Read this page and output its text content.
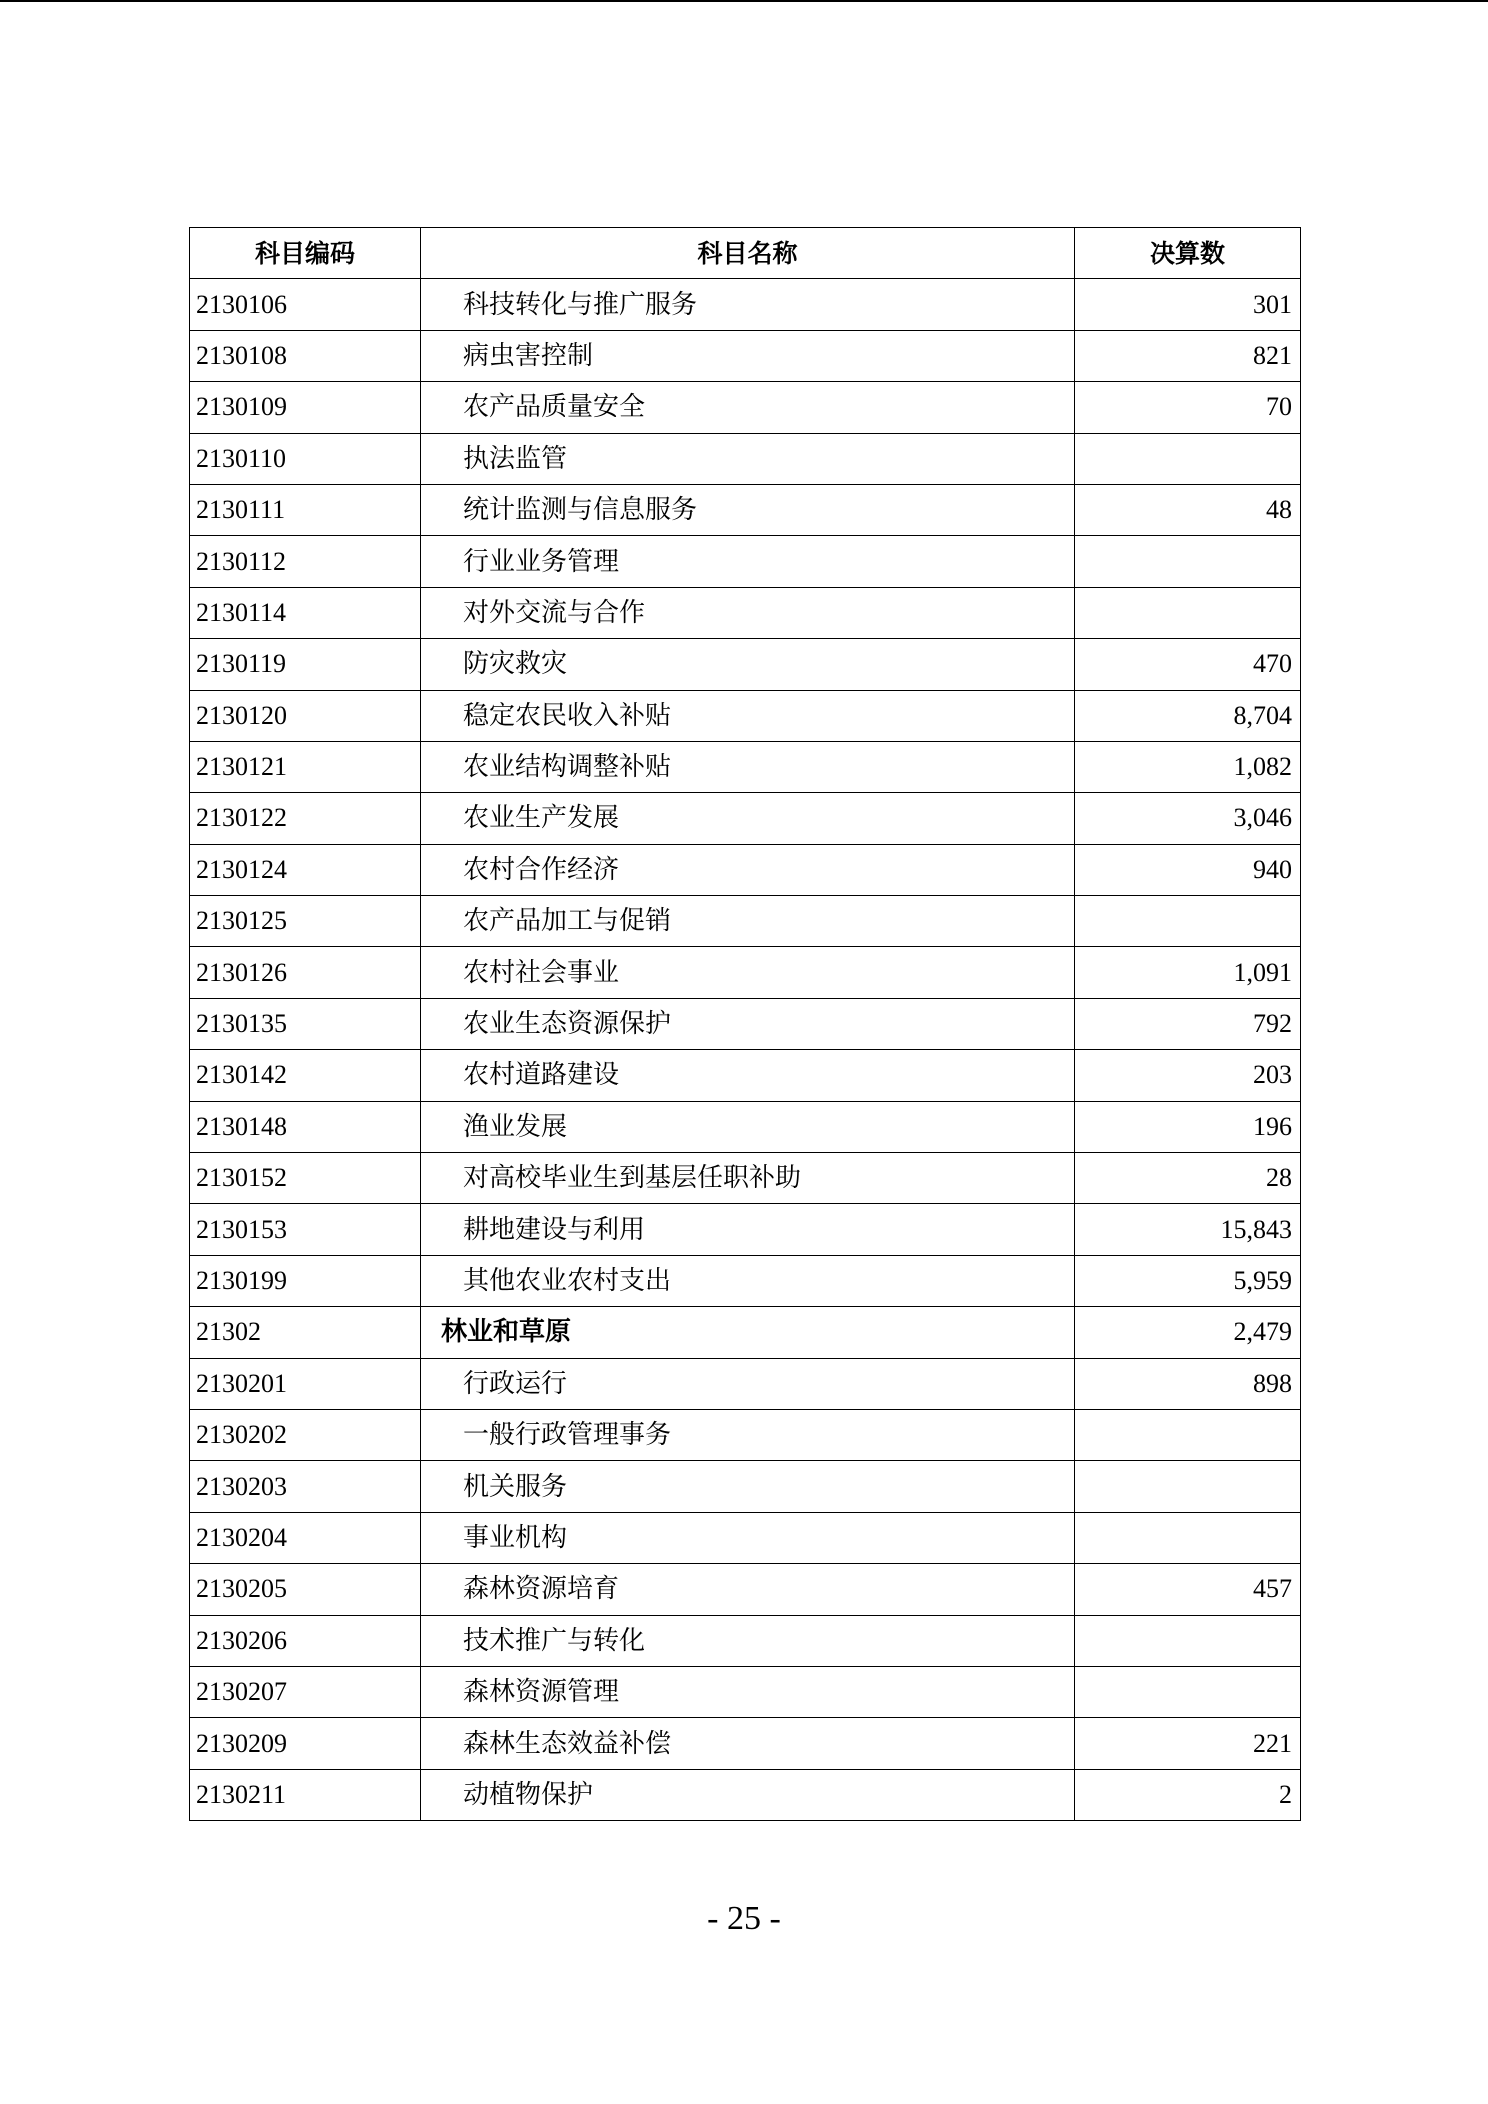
科目编码	科目名称	决算数
2130106	科技转化与推广服务	301
2130108	病虫害控制	821
2130109	农产品质量安全	70
2130110	执法监管	
2130111	统计监测与信息服务	48
2130112	行业业务管理	
2130114	对外交流与合作	
2130119	防灾救灾	470
2130120	稳定农民收入补贴	8,704
2130121	农业结构调整补贴	1,082
2130122	农业生产发展	3,046
2130124	农村合作经济	940
2130125	农产品加工与促销	
2130126	农村社会事业	1,091
2130135	农业生态资源保护	792
2130142	农村道路建设	203
2130148	渔业发展	196
2130152	对高校毕业生到基层任职补助	28
2130153	耕地建设与利用	15,843
2130199	其他农业农村支出	5,959
21302	林业和草原	2,479
2130201	行政运行	898
2130202	一般行政管理事务	
2130203	机关服务	
2130204	事业机构	
2130205	森林资源培育	457
2130206	技术推广与转化	
2130207	森林资源管理	
2130209	森林生态效益补偿	221
2130211	动植物保护	2
- 25 -
